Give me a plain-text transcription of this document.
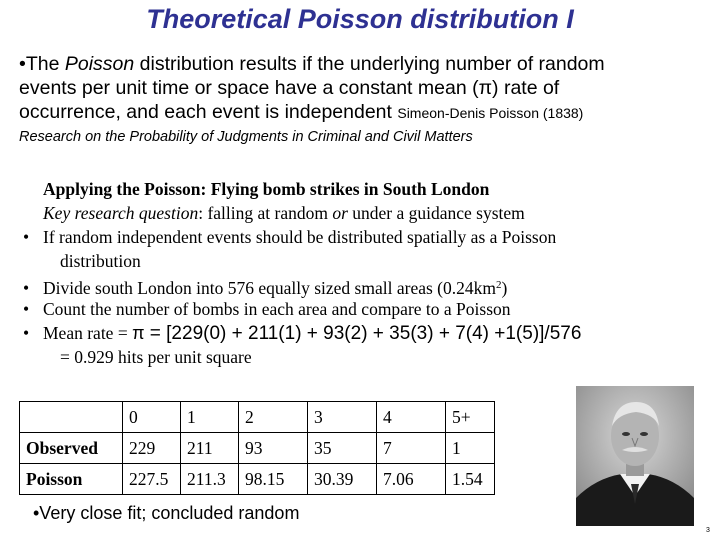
Theoretical Poisson distribution I
•The Poisson distribution results if the underlying number of random
events per unit time or space have a constant mean (π) rate of
occurrence, and each event is independent Simeon-Denis Poisson (1838)
Research on the Probability of Judgments in Criminal and Civil Matters
Applying the Poisson: Flying bomb strikes in South London
Key research question: falling at random or under a guidance system
• If random independent events should be distributed spatially as a Poisson
distribution
• Divide south London into 576 equally sized small areas $(0.24km^2)$
• Count the number of bombs in each area and compare to a Poisson
• Mean rate = π = [229(0) + 211(1) + 93(2) + 35(3) + 7(4) +1(5)]/576
= 0.929 hits per unit square
	0	1	2	3	4	5+
Observed	229	211	93	35	7	1
Poisson	227.5	211.3	98.15	30.39	7.06	1.54
•Very close fit; concluded random
3
